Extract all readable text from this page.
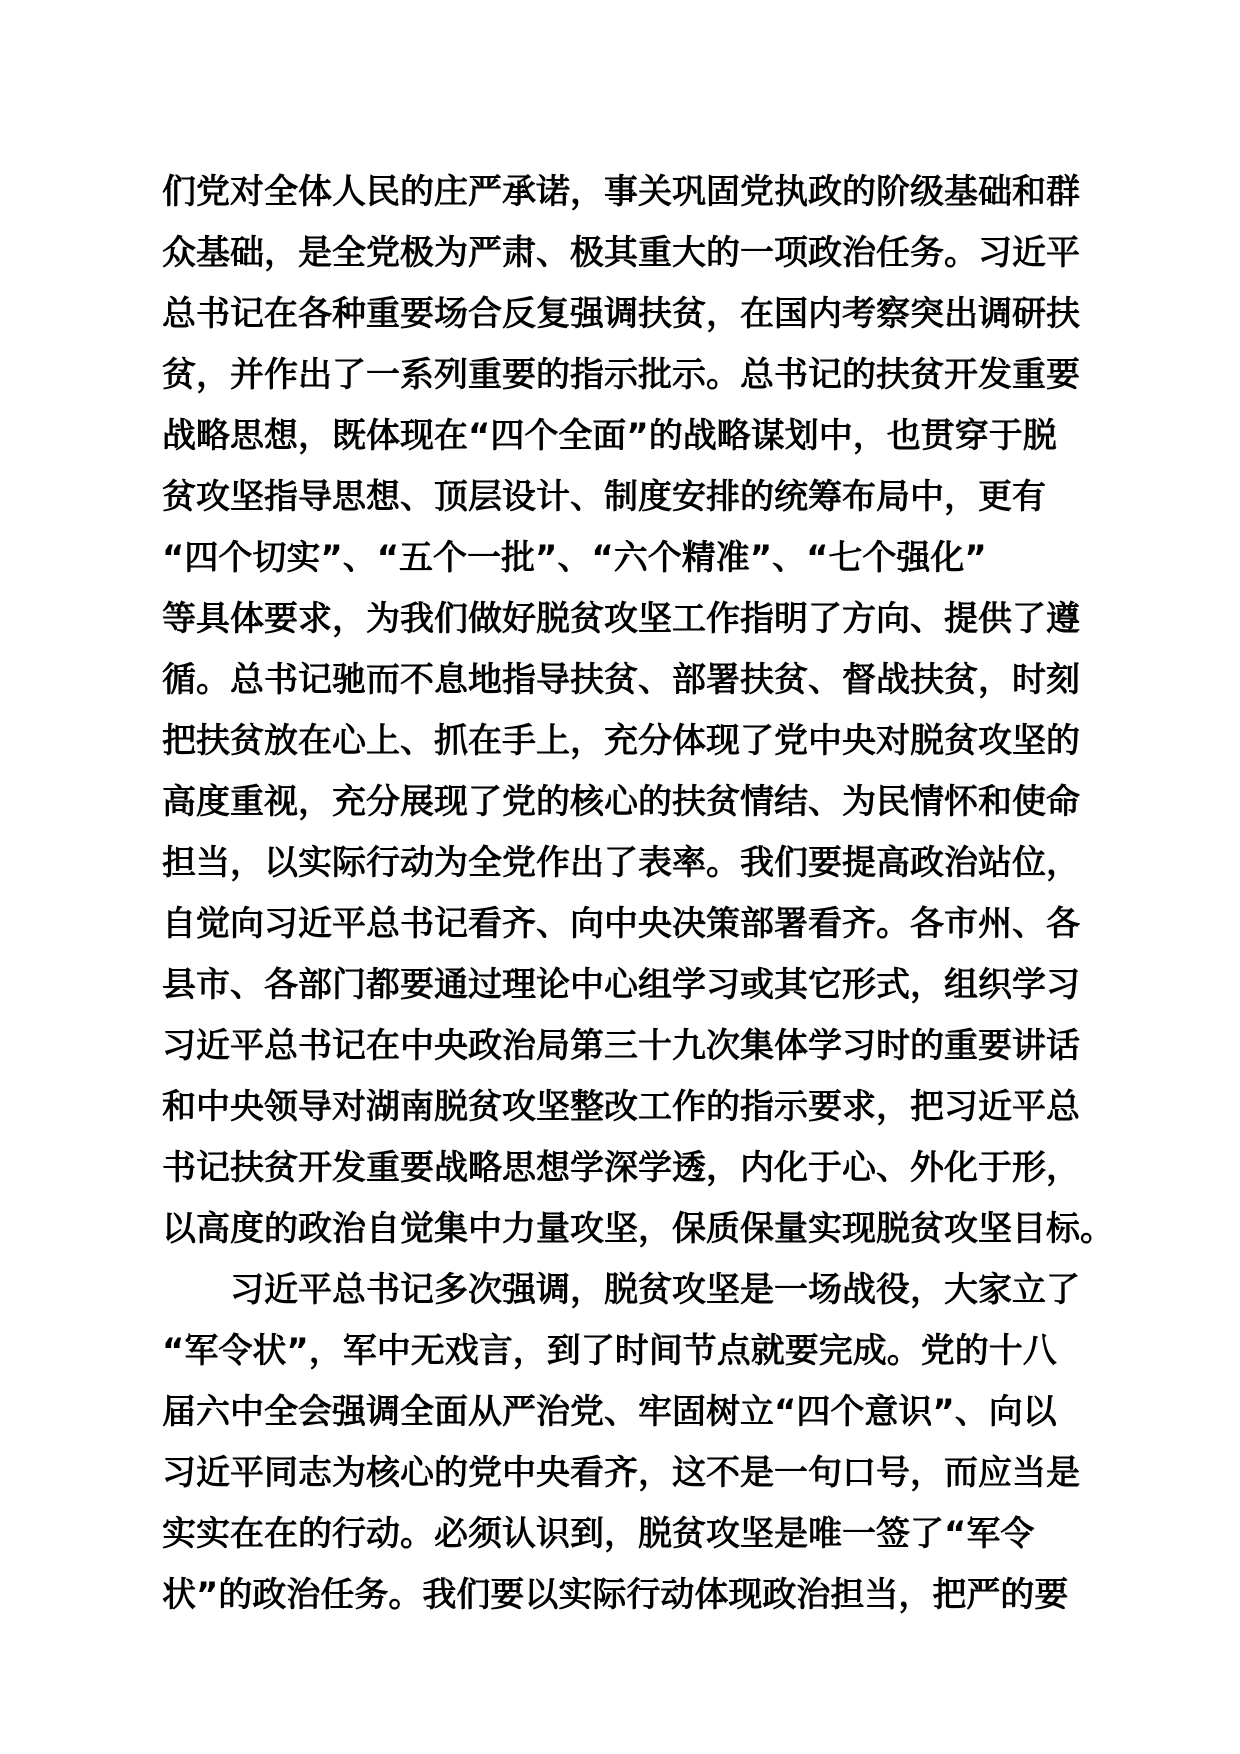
们党对全体人民的庄严承诺，事关巩固党执政的阶级基础和群
众基础，是全党极为严肃、极其重大的一项政治任务。习近平
总书记在各种重要场合反复强调扶贫，在国内考察突出调研扶
贫，并作出了一系列重要的指示批示。总书记的扶贫开发重要
战略思想，既体现在“四个全面”的战略谋划中，也贯穿于脱
贫攻坚指导思想、顶层设计、制度安排的统筹布局中，更有
“四个切实”、“五个一批”、“六个精准”、“七个强化”
等具体要求，为我们做好脱贫攻坚工作指明了方向、提供了遵
循。总书记驰而不息地指导扶贫、部署扶贫、督战扶贫，时刻
把扶贫放在心上、抓在手上，充分体现了党中央对脱贫攻坚的
高度重视，充分展现了党的核心的扶贫情结、为民情怀和使命
担当，以实际行动为全党作出了表率。我们要提高政治站位，
自觉向习近平总书记看齐、向中央决策部署看齐。各市州、各
县市、各部门都要通过理论中心组学习或其它形式，组织学习
习近平总书记在中央政治局第三十九次集体学习时的重要讲话
和中央领导对湖南脱贫攻坚整改工作的指示要求，把习近平总
书记扶贫开发重要战略思想学深学透，内化于心、外化于形，
以高度的政治自觉集中力量攻坚，保质保量实现脱贫攻坚目标。
　　习近平总书记多次强调，脱贫攻坚是一场战役，大家立了
“军令状”，军中无戏言，到了时间节点就要完成。党的十八
届六中全会强调全面从严治党、牢固树立“四个意识”、向以
习近平同志为核心的党中央看齐，这不是一句口号，而应当是
实实在在的行动。必须认识到，脱贫攻坚是唯一签了“军令
状”的政治任务。我们要以实际行动体现政治担当，把严的要
